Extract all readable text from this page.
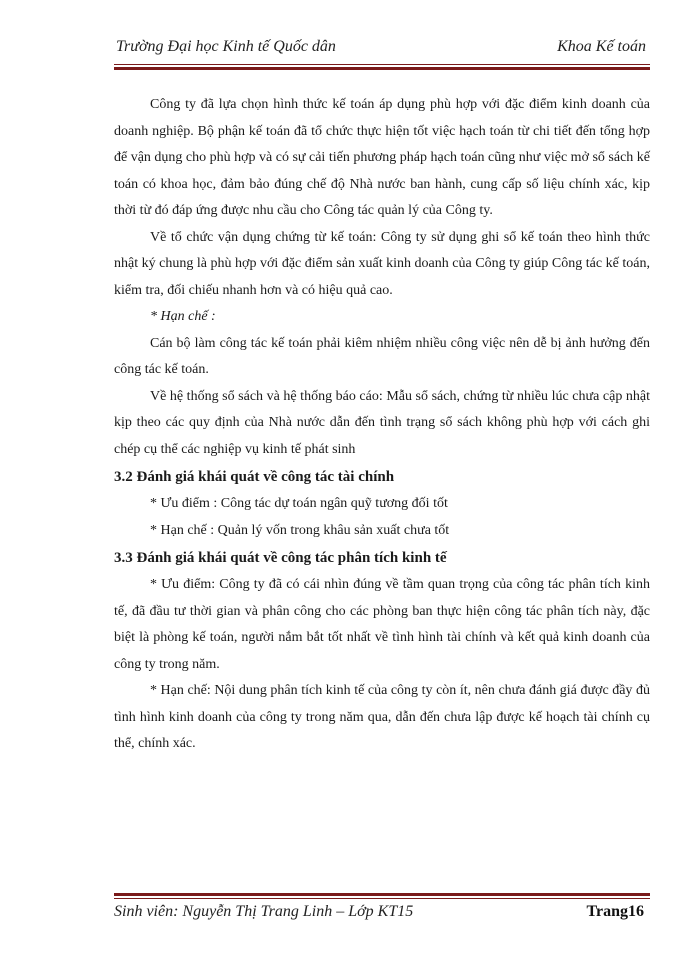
Trường Đại học Kinh tế Quốc dân	Khoa Kế toán

Công ty đã lựa chọn hình thức kế toán áp dụng phù hợp với đặc điểm kinh doanh của doanh nghiệp. Bộ phận kế toán đã tổ chức thực hiện tốt việc hạch toán từ chi tiết đến tổng hợp để vận dụng cho phù hợp và có sự cải tiến phương pháp hạch toán cũng như việc mở sổ sách kế toán có khoa học, đảm bảo đúng chế độ Nhà nước ban hành, cung cấp số liệu chính xác, kịp thời từ đó đáp ứng được nhu cầu cho Công tác quản lý của Công ty.

Về tổ chức vận dụng chứng từ kế toán: Công ty sử dụng ghi sổ kế toán theo hình thức nhật ký chung là phù hợp với đặc điểm sản xuất kinh doanh của Công ty giúp Công tác kế toán, kiểm tra, đối chiếu nhanh hơn và có hiệu quả cao.

* Hạn chế :

Cán bộ làm công tác kế toán phải kiêm nhiệm nhiều công việc nên dễ bị ảnh hưởng đến công tác kế toán.

Về hệ thống sổ sách và hệ thống báo cáo: Mẫu sổ sách, chứng từ nhiều lúc chưa cập nhật kịp theo các quy định của Nhà nước dẫn đến tình trạng sổ sách không phù hợp với cách ghi chép cụ thể các nghiệp vụ kinh tế phát sinh

3.2 Đánh giá khái quát về công tác tài chính

* Ưu điểm : Công tác dự toán ngân quỹ tương đối tốt

* Hạn chế : Quản lý vốn trong khâu sản xuất chưa tốt

3.3 Đánh giá khái quát về công tác phân tích kinh tế

* Ưu điểm: Công ty đã có cái nhìn đúng về tầm quan trọng của công tác phân tích kinh tế, đã đầu tư thời gian và phân công cho các phòng ban thực hiện công tác phân tích này, đặc biệt là phòng kế toán, người nắm bắt tốt nhất về tình hình tài chính và kết quả kinh doanh của công ty trong năm.

* Hạn chế: Nội dung phân tích kinh tế của công ty còn ít, nên chưa đánh giá được đầy đủ tình hình kinh doanh của công ty trong năm qua, dẫn đến chưa lập được kế hoạch tài chính cụ thể, chính xác.

Sinh viên: Nguyễn Thị Trang Linh – Lớp KT15	Trang16
